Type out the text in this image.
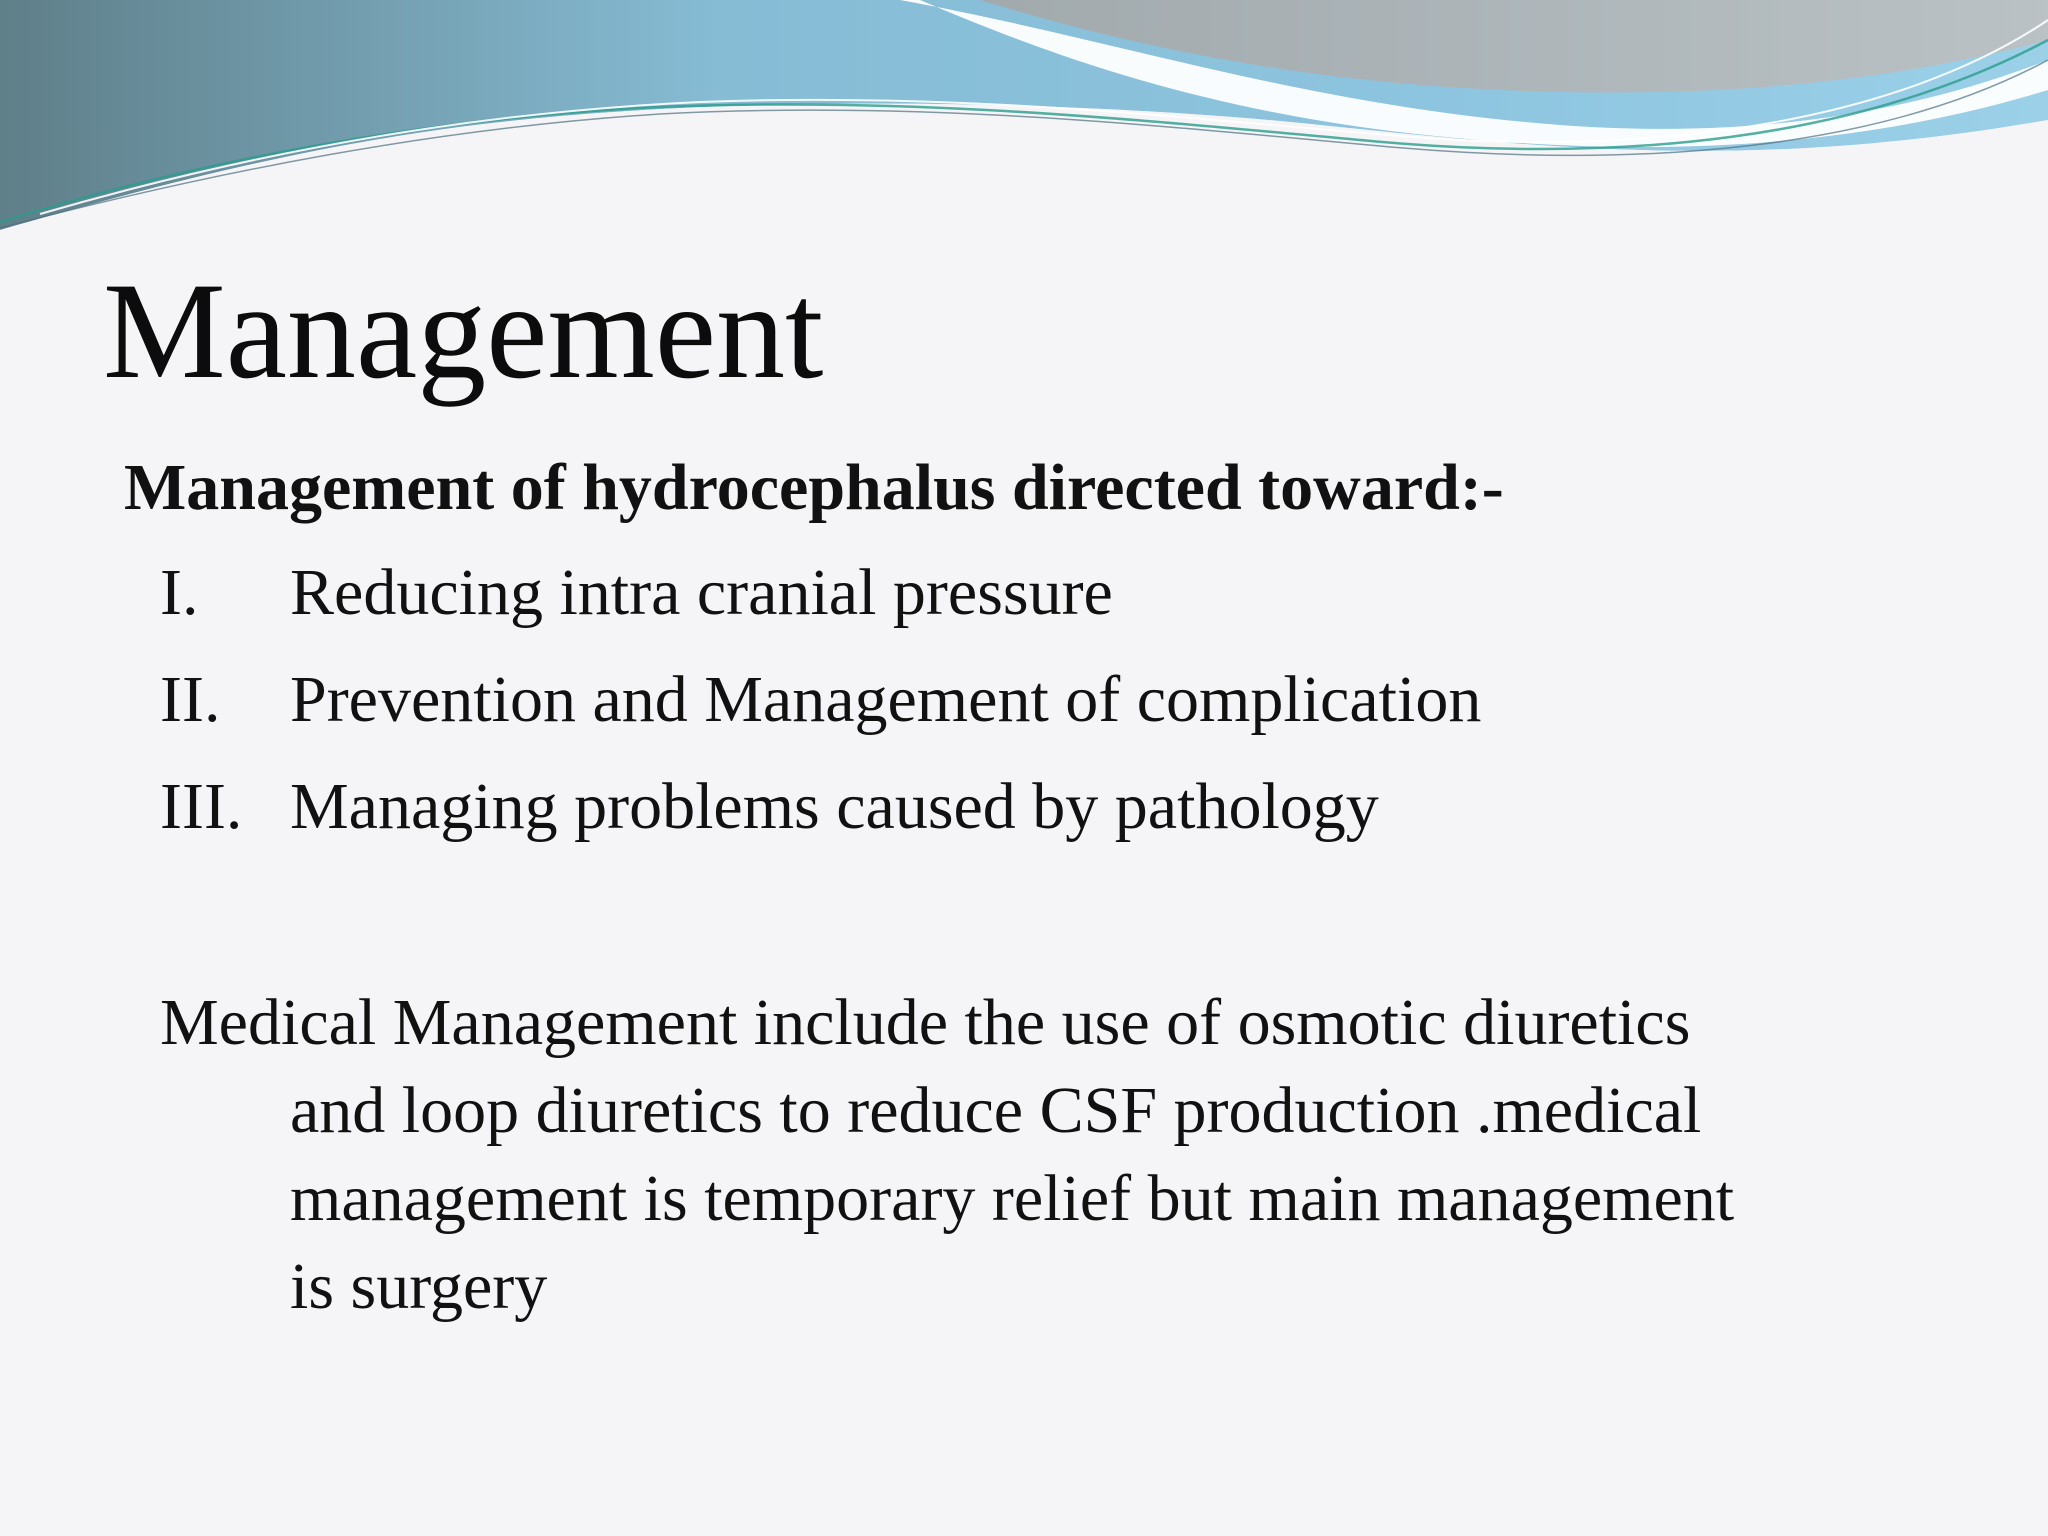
Management
Management of hydrocephalus directed toward:-
I. Reducing intra cranial pressure
II. Prevention and Management of complication
III. Managing problems caused by pathology
Medical Management include the use of osmotic diuretics
and loop diuretics to reduce CSF production .medical
management is temporary relief but main management
is surgery
